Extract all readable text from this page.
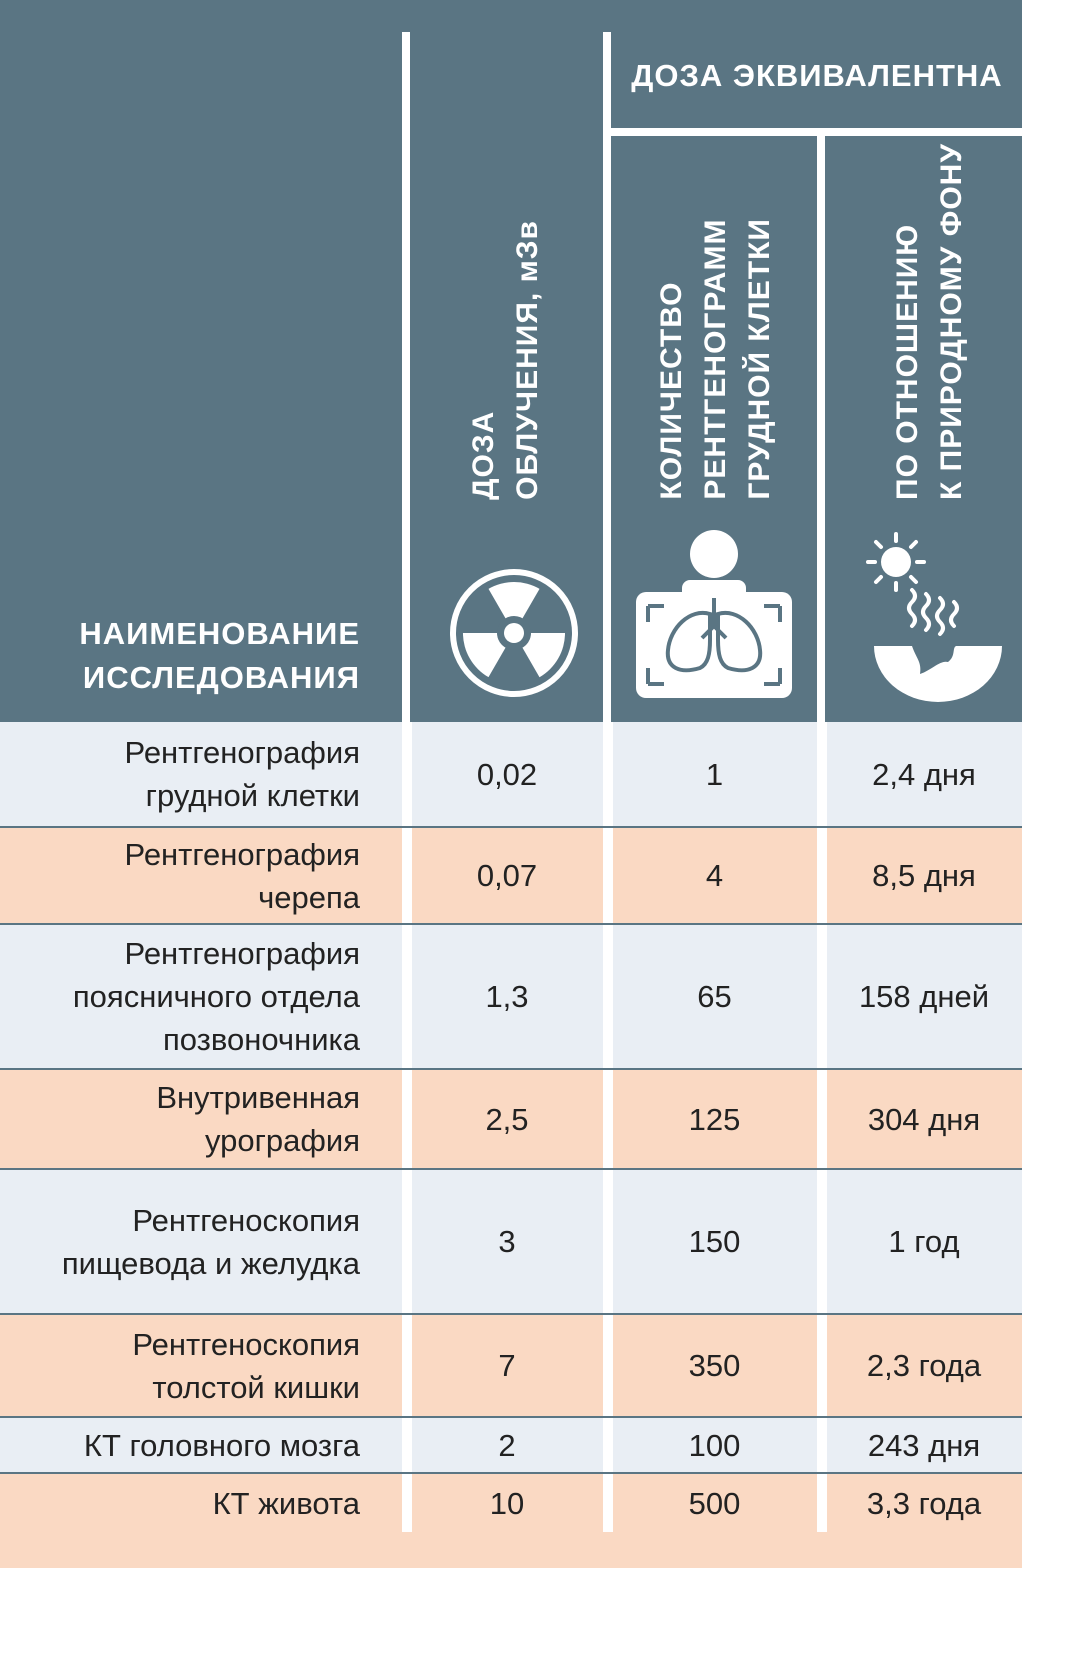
НАИМЕНОВАНИЕ
ИССЛЕДОВАНИЯ
ДОЗА ЭКВИВАЛЕНТНА
ДОЗА ОБЛУЧЕНИЯ, мЗв	КОЛИЧЕСТВО РЕНТГЕНОГРАММ ГРУДНОЙ КЛЕТКИ	ПО ОТНОШЕНИЮ К ПРИРОДНОМУ ФОНУ
Рентгенография
грудной клетки
0,02	1	2,4 дня
Рентгенография
черепа
0,07	4	8,5 дня
Рентгенография
поясничного отдела
позвоночника
1,3	65	158 дней
Внутривенная
урография
2,5	125	304 дня
Рентгеноскопия
пищевода и желудка
3	150	1 год
Рентгеноскопия
толстой кишки
7	350	2,3 года
КТ головного мозга	2	100	243 дня
КТ живота	10	500	3,3 года
